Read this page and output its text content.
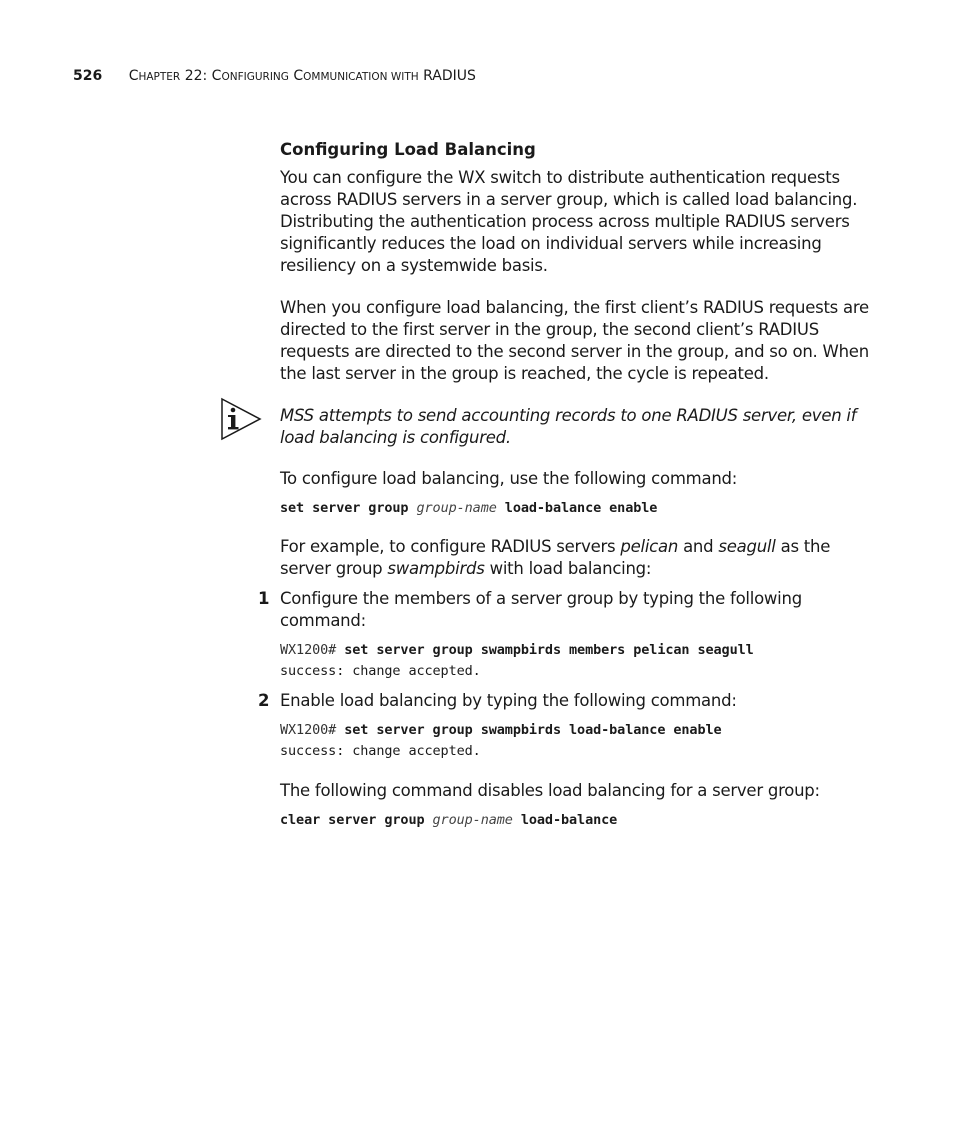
526 CHAPTER 22: CONFIGURING COMMUNICATION WITH RADIUS
Configuring Load Balancing

You can configure the WX switch to distribute authentication requests across RADIUS servers in a server group, which is called load balancing. Distributing the authentication process across multiple RADIUS servers significantly reduces the load on individual servers while increasing resiliency on a systemwide basis.

When you configure load balancing, the first client’s RADIUS requests are directed to the first server in the group, the second client’s RADIUS requests are directed to the second server in the group, and so on. When the last server in the group is reached, the cycle is repeated.

MSS attempts to send accounting records to one RADIUS server, even if load balancing is configured.

To configure load balancing, use the following command:

set server group group-name load-balance enable

For example, to configure RADIUS servers pelican and seagull as the server group swampbirds with load balancing:

1 Configure the members of a server group by typing the following command:

WX1200# set server group swampbirds members pelican seagull
success: change accepted.
2 Enable load balancing by typing the following command:

WX1200# set server group swampbirds load-balance enable
success: change accepted.

The following command disables load balancing for a server group:

clear server group group-name load-balance
